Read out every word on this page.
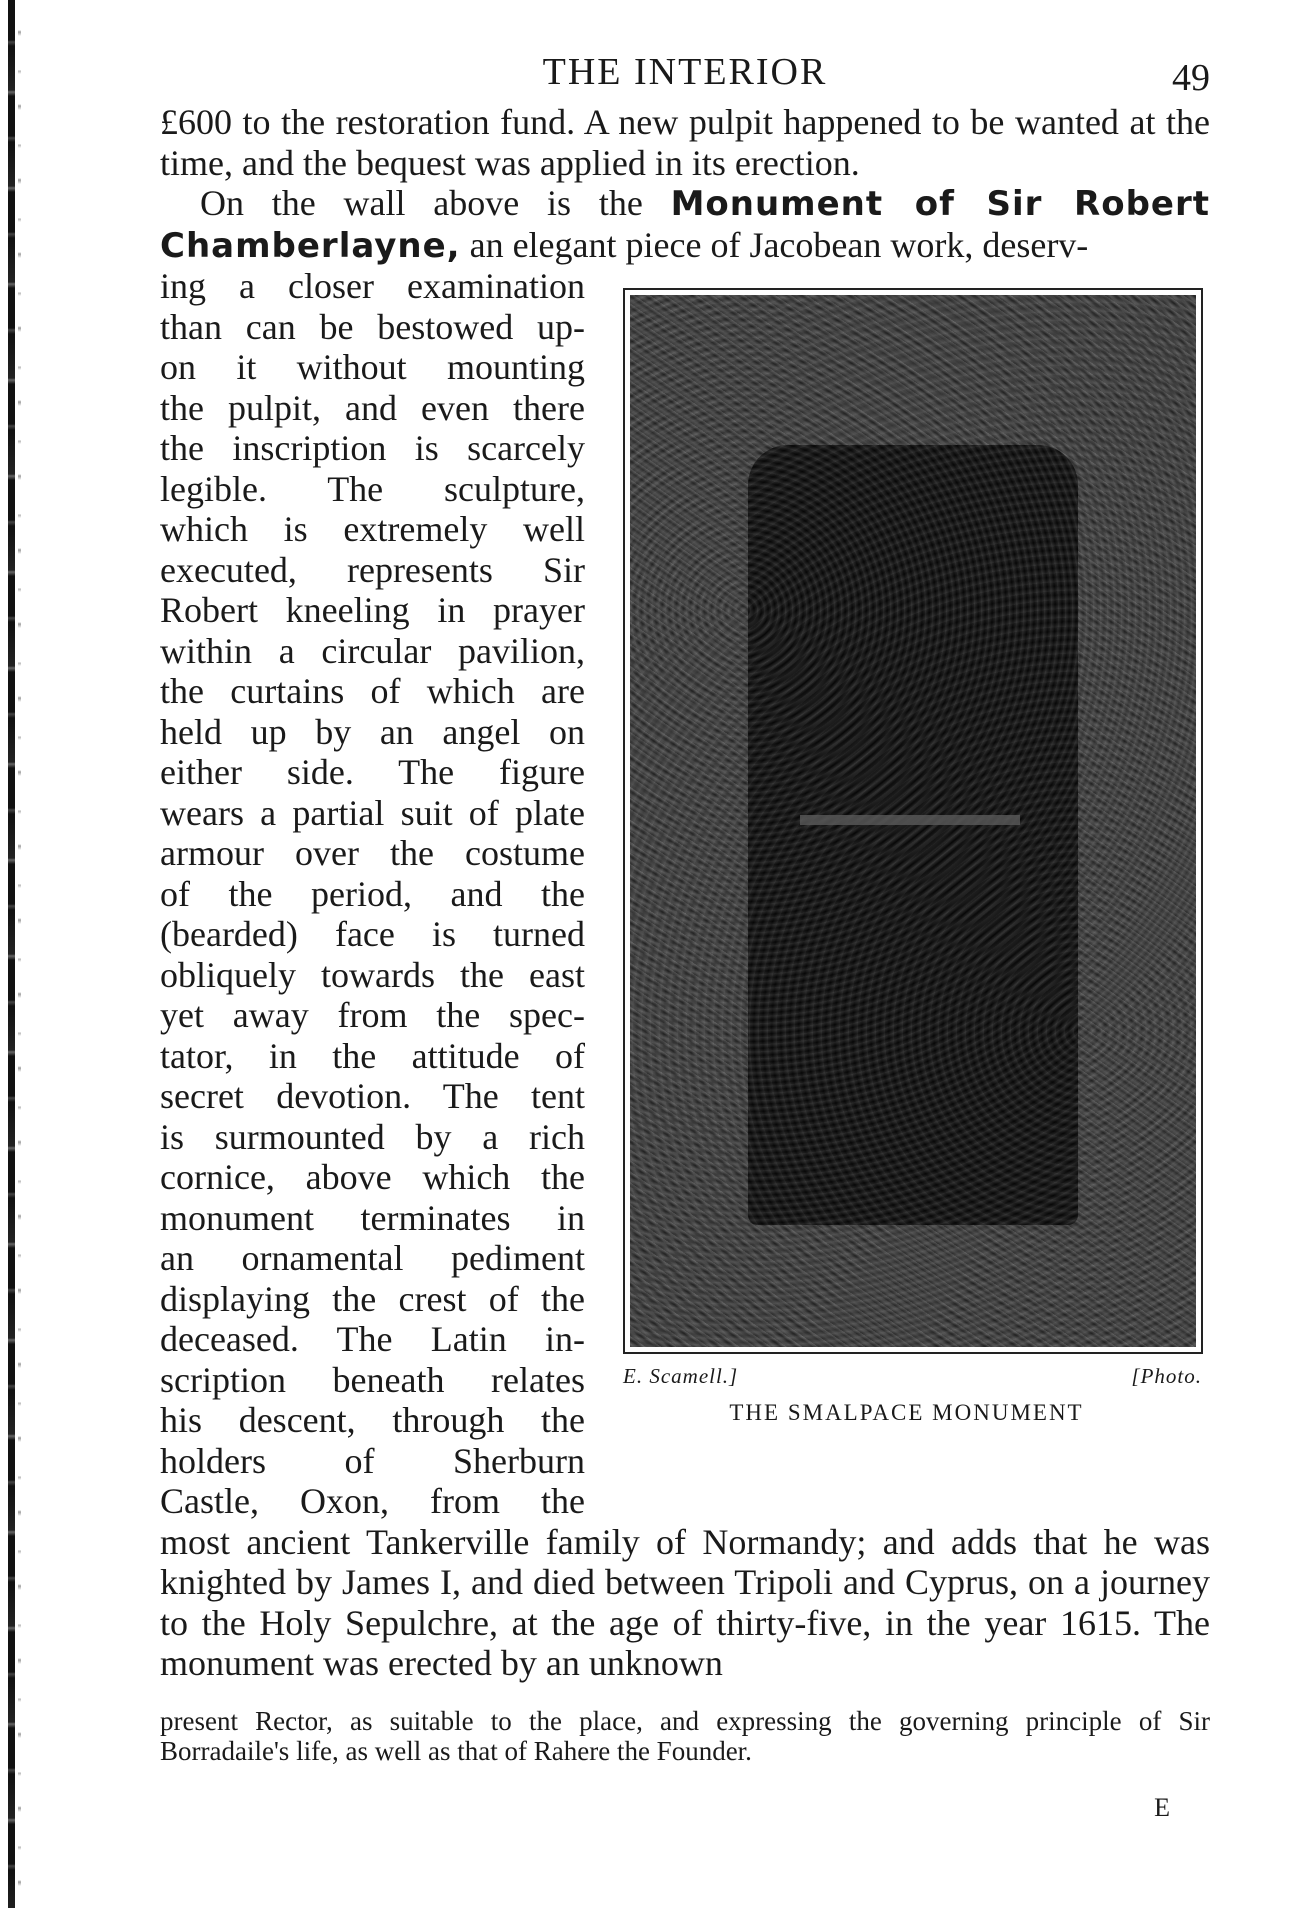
THE INTERIOR	49

£600 to the restoration fund. A new pulpit happened to be wanted at the time, and the bequest was applied in its erection.

On the wall above is the Monument of Sir Robert Chamberlayne, an elegant piece of Jacobean work, deserv-

ing a closer examination
than can be bestowed up-
on it without mounting
the pulpit, and even there
the inscription is scarcely
legible. The sculpture,
which is extremely well
executed, represents Sir
Robert kneeling in prayer
within a circular pavilion,
the curtains of which are
held up by an angel on
either side. The figure
wears a partial suit of plate
armour over the costume
of the period, and the
(bearded) face is turned
obliquely towards the east
yet away from the spec-
tator, in the attitude of
secret devotion. The tent
is surmounted by a rich
cornice, above which the
monument terminates in
an ornamental pediment
displaying the crest of the
deceased. The Latin in-
scription beneath relates
his descent, through the
holders of Sherburn
Castle, Oxon, from the
E. Scamell.]	[Photo.
THE SMALPACE MONUMENT

most ancient Tankerville family of Normandy; and adds that he was knighted by James I, and died between Tripoli and Cyprus, on a journey to the Holy Sepulchre, at the age of thirty-five, in the year 1615. The monument was erected by an unknown

present Rector, as suitable to the place, and expressing the governing principle of Sir Borradaile's life, as well as that of Rahere the Founder.

E
